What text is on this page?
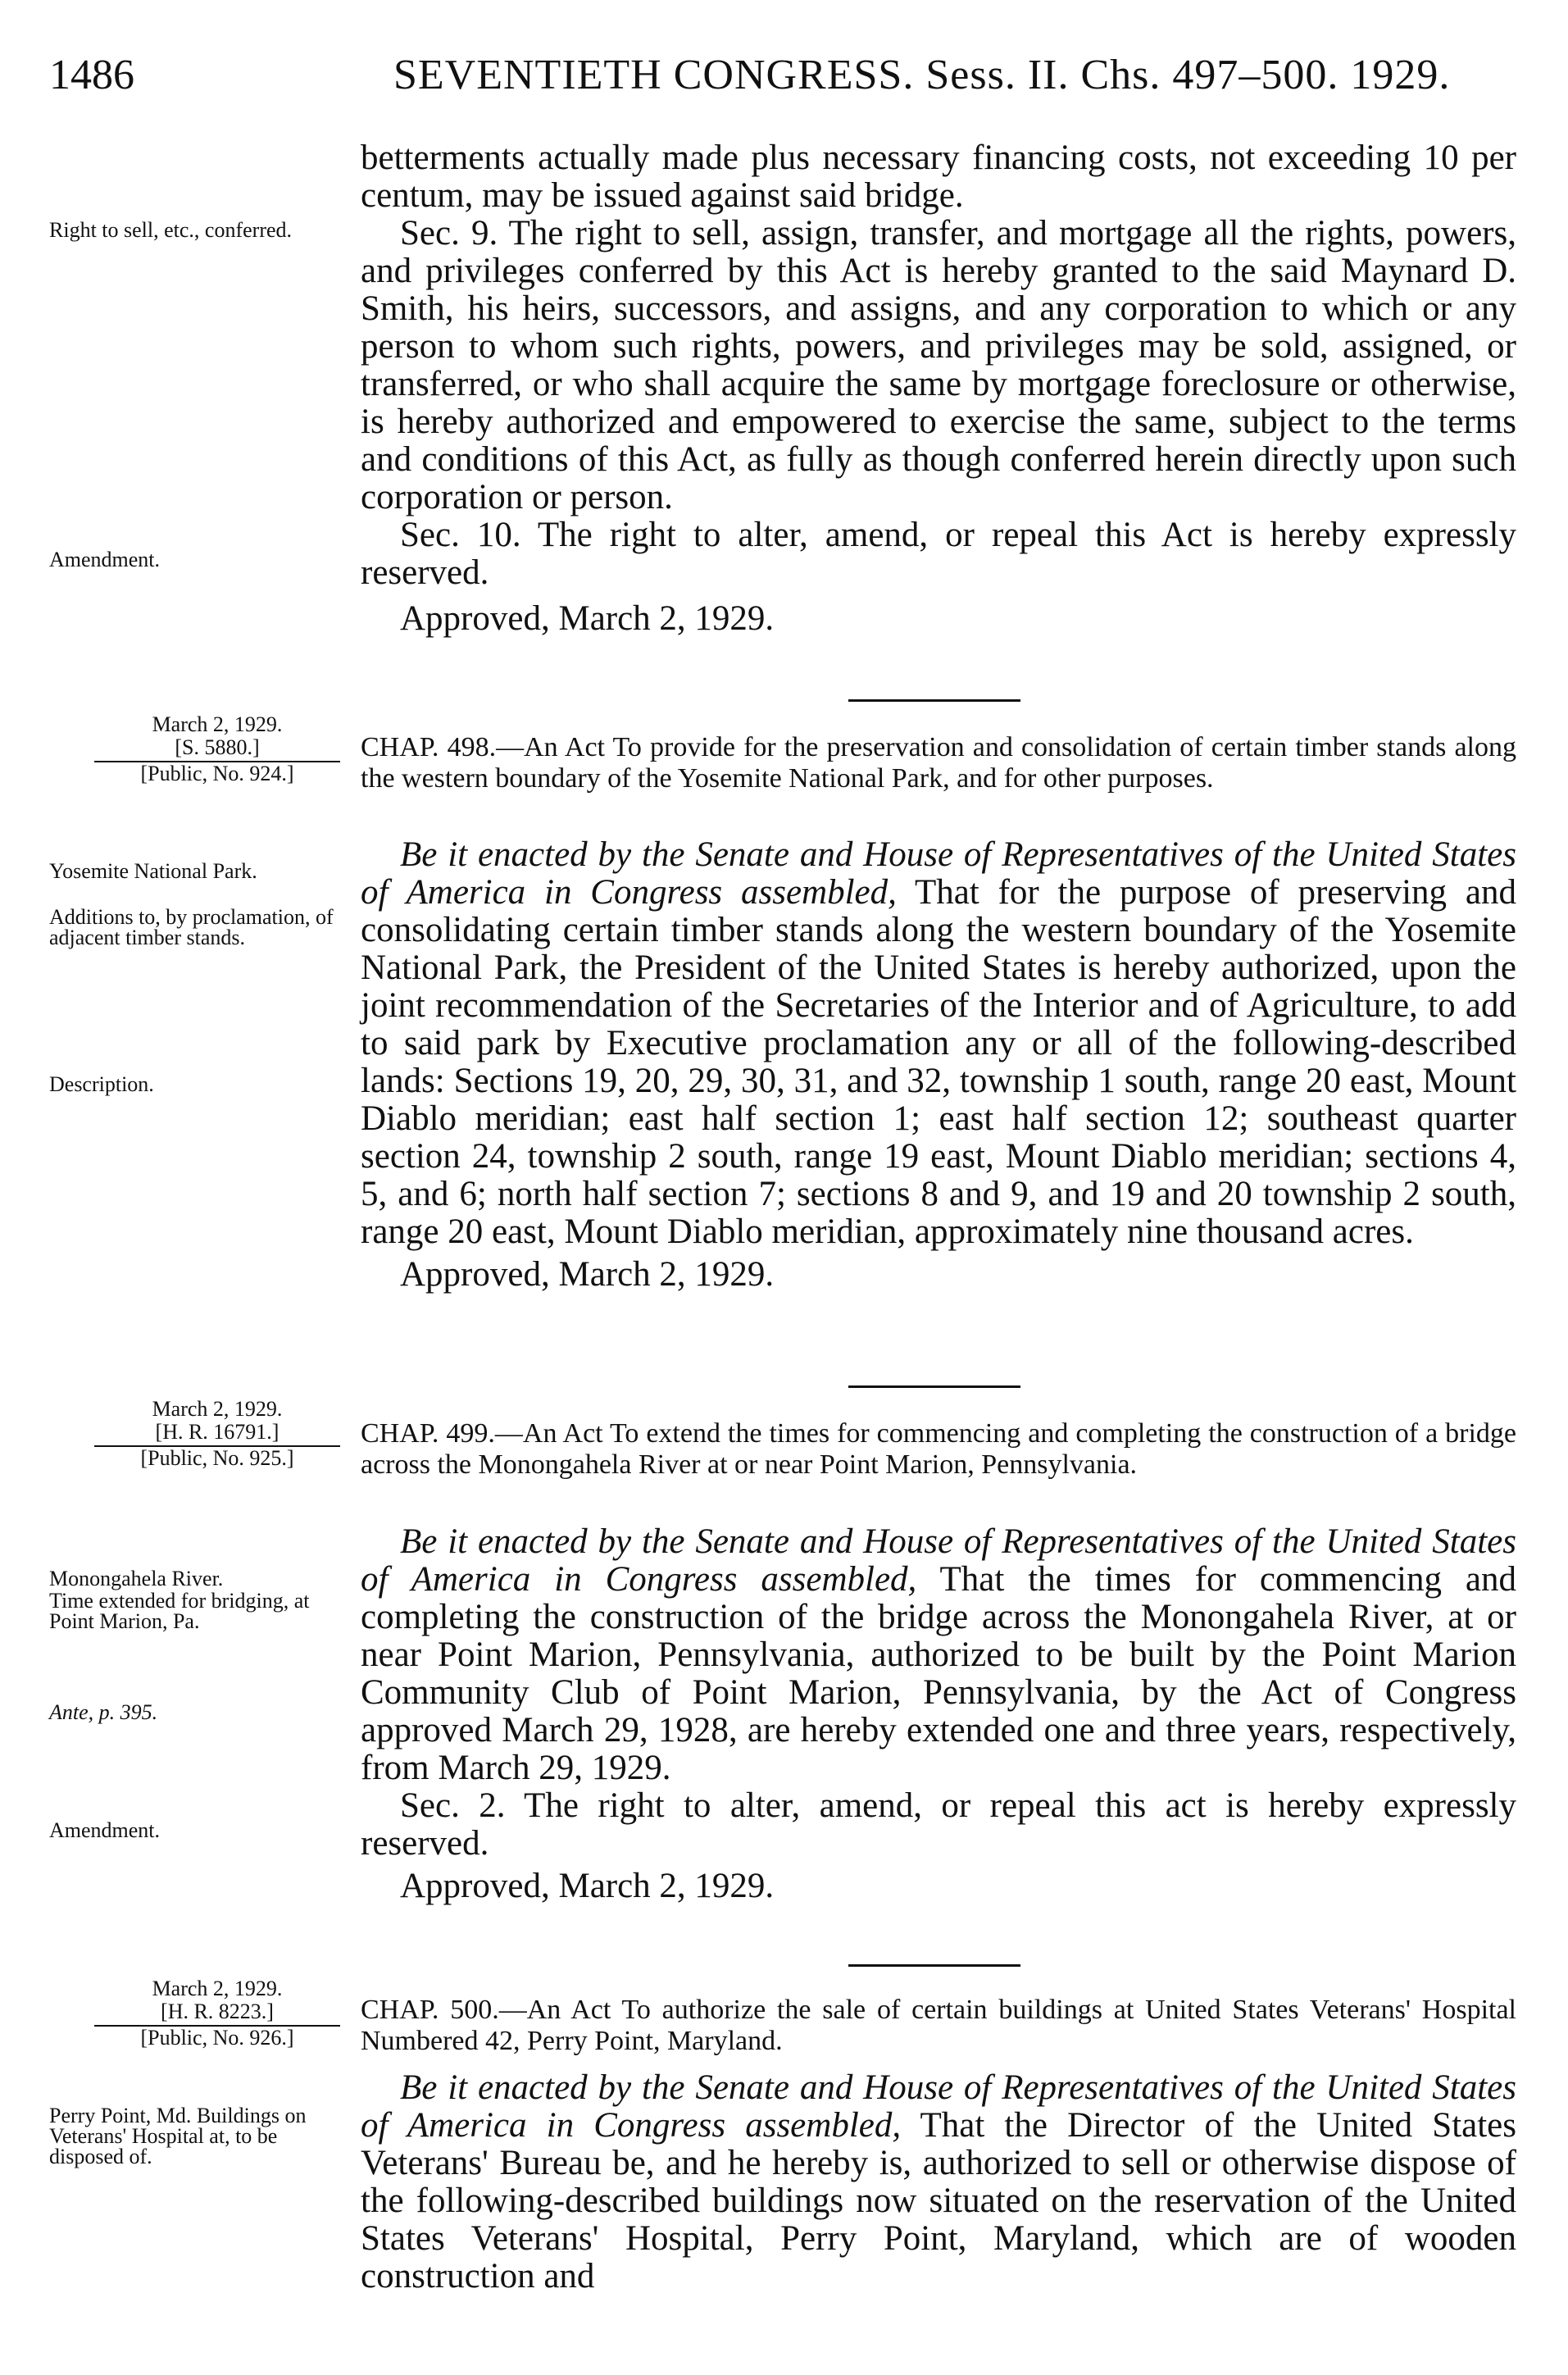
1486	SEVENTIETH CONGRESS. Sess. II. Chs. 497–500. 1929.

betterments actually made plus necessary financing costs, not exceeding 10 per centum, may be issued against said bridge.

Sec. 9. The right to sell, assign, transfer, and mortgage all the rights, powers, and privileges conferred by this Act is hereby granted to the said Maynard D. Smith, his heirs, successors, and assigns, and any corporation to which or any person to whom such rights, powers, and privileges may be sold, assigned, or transferred, or who shall acquire the same by mortgage foreclosure or otherwise, is hereby authorized and empowered to exercise the same, subject to the terms and conditions of this Act, as fully as though conferred herein directly upon such corporation or person.

Sec. 10. The right to alter, amend, or repeal this Act is hereby expressly reserved.

Approved, March 2, 1929.

Right to sell, etc., conferred.
Amendment.
March 2, 1929.
[S. 5880.]
[Public, No. 924.]
CHAP. 498.—An Act To provide for the preservation and consolidation of certain timber stands along the western boundary of the Yosemite National Park, and for other purposes.

Be it enacted by the Senate and House of Representatives of the United States of America in Congress assembled, That for the purpose of preserving and consolidating certain timber stands along the western boundary of the Yosemite National Park, the President of the United States is hereby authorized, upon the joint recommendation of the Secretaries of the Interior and of Agriculture, to add to said park by Executive proclamation any or all of the following-described lands: Sections 19, 20, 29, 30, 31, and 32, township 1 south, range 20 east, Mount Diablo meridian; east half section 1; east half section 12; southeast quarter section 24, township 2 south, range 19 east, Mount Diablo meridian; sections 4, 5, and 6; north half section 7; sections 8 and 9, and 19 and 20 township 2 south, range 20 east, Mount Diablo meridian, approximately nine thousand acres.

Approved, March 2, 1929.

Yosemite National Park.
Additions to, by proclamation, of adjacent timber stands.
Description.
March 2, 1929.
[H. R. 16791.]
[Public, No. 925.]
CHAP. 499.—An Act To extend the times for commencing and completing the construction of a bridge across the Monongahela River at or near Point Marion, Pennsylvania.

Be it enacted by the Senate and House of Representatives of the United States of America in Congress assembled, That the times for commencing and completing the construction of the bridge across the Monongahela River, at or near Point Marion, Pennsylvania, authorized to be built by the Point Marion Community Club of Point Marion, Pennsylvania, by the Act of Congress approved March 29, 1928, are hereby extended one and three years, respectively, from March 29, 1929.

Sec. 2. The right to alter, amend, or repeal this act is hereby expressly reserved.

Approved, March 2, 1929.

Monongahela River.
Time extended for bridging, at Point Marion, Pa.
Ante, p. 395.
Amendment.
March 2, 1929.
[H. R. 8223.]
[Public, No. 926.]
CHAP. 500.—An Act To authorize the sale of certain buildings at United States Veterans' Hospital Numbered 42, Perry Point, Maryland.

Be it enacted by the Senate and House of Representatives of the United States of America in Congress assembled, That the Director of the United States Veterans' Bureau be, and he hereby is, authorized to sell or otherwise dispose of the following-described buildings now situated on the reservation of the United States Veterans' Hospital, Perry Point, Maryland, which are of wooden construction and

Perry Point, Md. Buildings on Veterans' Hospital at, to be disposed of.
